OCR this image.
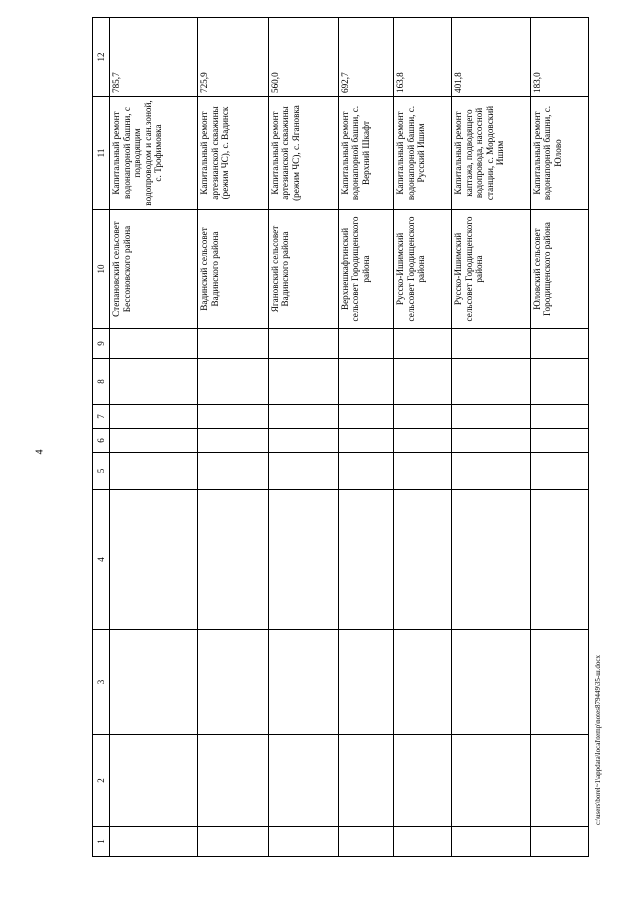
4
1	2	3	4	5	6	7	8	9	10	11	12
									Степановский сельсовет Бессоновского района	Капитальный ремонт водонапорной башни, с подводящим водопроводом и сан.зоной, с. Трофимовка	785,7
									Вадинский сельсовет Вадинского района	Капитальный ремонт артезианской скважины (режим ЧС), с. Вадинск	725,9
									Ягановский сельсовет Вадинского района	Капитальный ремонт артезианской скважины (режим ЧС), с. Ягановка	560,0
									Верхнешкафтинский сельсовет Городищенского района	Капитальный ремонт водонапорной башни, с. Верхний Шкафт	692,7
									Русско-Ишимский сельсовет Городищенского района	Капитальный ремонт водонапорной башни, с. Русский Ишим	163,8
									Русско-Ишимский сельсовет Городищенского района	Капитальный ремонт каптажа, подводящего водопровода, насосной станции, с. Мордовский Ишим	401,8
									Юловский сельсовет Городищенского района	Капитальный ремонт водонапорной башни, с. Юлово	183,0
c:\users\borel~1\appdata\local\temp\notes879449\35-ш.docx
